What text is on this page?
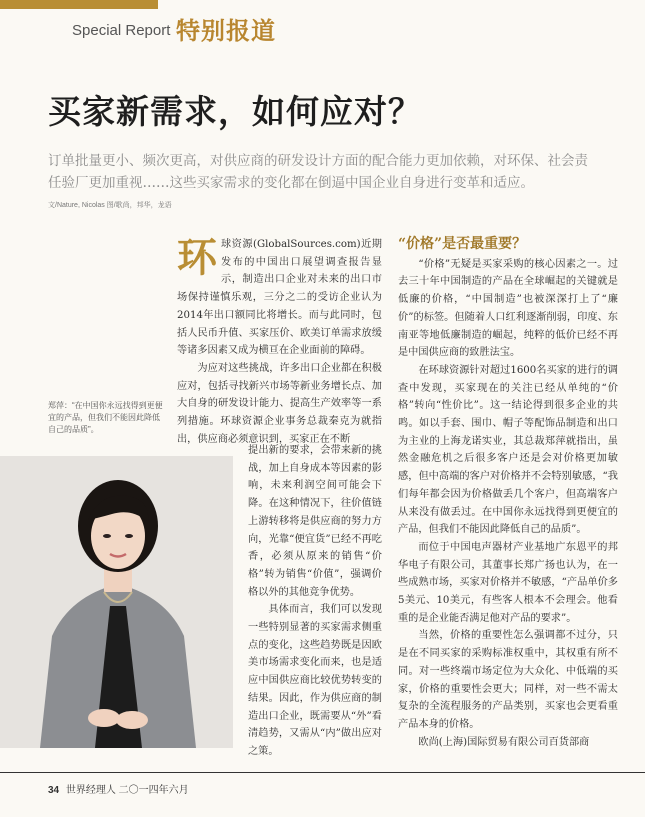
Special Report 特别报道
买家新需求，如何应对？
订单批量更小、频次更高，对供应商的研发设计方面的配合能力更加依赖，对环保、社会责任验厂更加重视……这些买家需求的变化都在倒逼中国企业自身进行变革和适应。
文/Nature, Nicolas 图/歌尚，邦华，龙语
环 球资源(GlobalSources.com)近期发布的中国出口展望调查报告显示，制造出口企业对未来的出口市场保持谨慎乐观，三分之二的受访企业认为2014年出口额同比将增长。而与此同时，包括人民币升值、买家压价、欧美订单需求放缓等诸多因素又成为横亘在企业面前的障碍。

为应对这些挑战，许多出口企业都在积极应对，包括寻找新兴市场等新业务增长点、加大自身的研发设计能力、提高生产效率等一系列措施。环球资源企业事务总裁秦克为就指出，供应商必须意识到，买家正在不断

郑萍：“在中国你永远找得到更便宜的产品，但我们不能因此降低自己的品质”。

提出新的要求，会带来新的挑战，加上自身成本等因素的影响，未来利润空间可能会下降。在这种情况下，往价值链上游转移将是供应商的努力方向，光靠“便宜货”已经不再吃香，必须从原来的销售“价格”转为销售“价值”，强调价格以外的其他竞争优势。

具体而言，我们可以发现一些特别显著的买家需求侧重点的变化，这些趋势既是因欧美市场需求变化而来，也是适应中国供应商比较优势转变的结果。因此，作为供应商的制造出口企业，既需要从“外”看清趋势，又需从“内”做出应对之策。

“价格”是否最重要？

“价格”无疑是买家采购的核心因素之一。过去三十年中国制造的产品在全球崛起的关键就是低廉的价格，“中国制造”也被深深打上了“廉价”的标签。但随着人口红利逐渐削弱，印度、东南亚等地低廉制造的崛起，纯粹的低价已经不再是中国供应商的致胜法宝。

在环球资源针对超过1600名买家的进行的调查中发现，买家现在的关注已经从单纯的“价格”转向“性价比”。这一结论得到很多企业的共鸣。如以手套、围巾、帽子等配饰品制造和出口为主业的上海龙诺实业，其总裁郑萍就指出，虽然金融危机之后很多客户还是会对价格更加敏感，但中高端的客户对价格并不会特别敏感，“我们每年都会因为价格做丢几个客户，但高端客户从来没有做丢过。在中国你永远找得到更便宜的产品，但我们不能因此降低自己的品质”。

而位于中国电声器材产业基地广东恩平的邦华电子有限公司，其董事长郑广扬也认为，在一些成熟市场，买家对价格并不敏感，“产品单价多5美元、10美元，有些客人根本不会理会。他看重的是企业能否满足他对产品的要求”。

当然，价格的重要性怎么强调都不过分，只是在不同买家的采购标准权重中，其权重有所不同。对一些终端市场定位为大众化、中低端的买家，价格的重要性会更大；同样，对一些不需太复杂的全流程服务的产品类别，买家也会更看重产品本身的价格。

欧尚(上海)国际贸易有限公司百货部商

34 世界经理人 二〇一四年六月
